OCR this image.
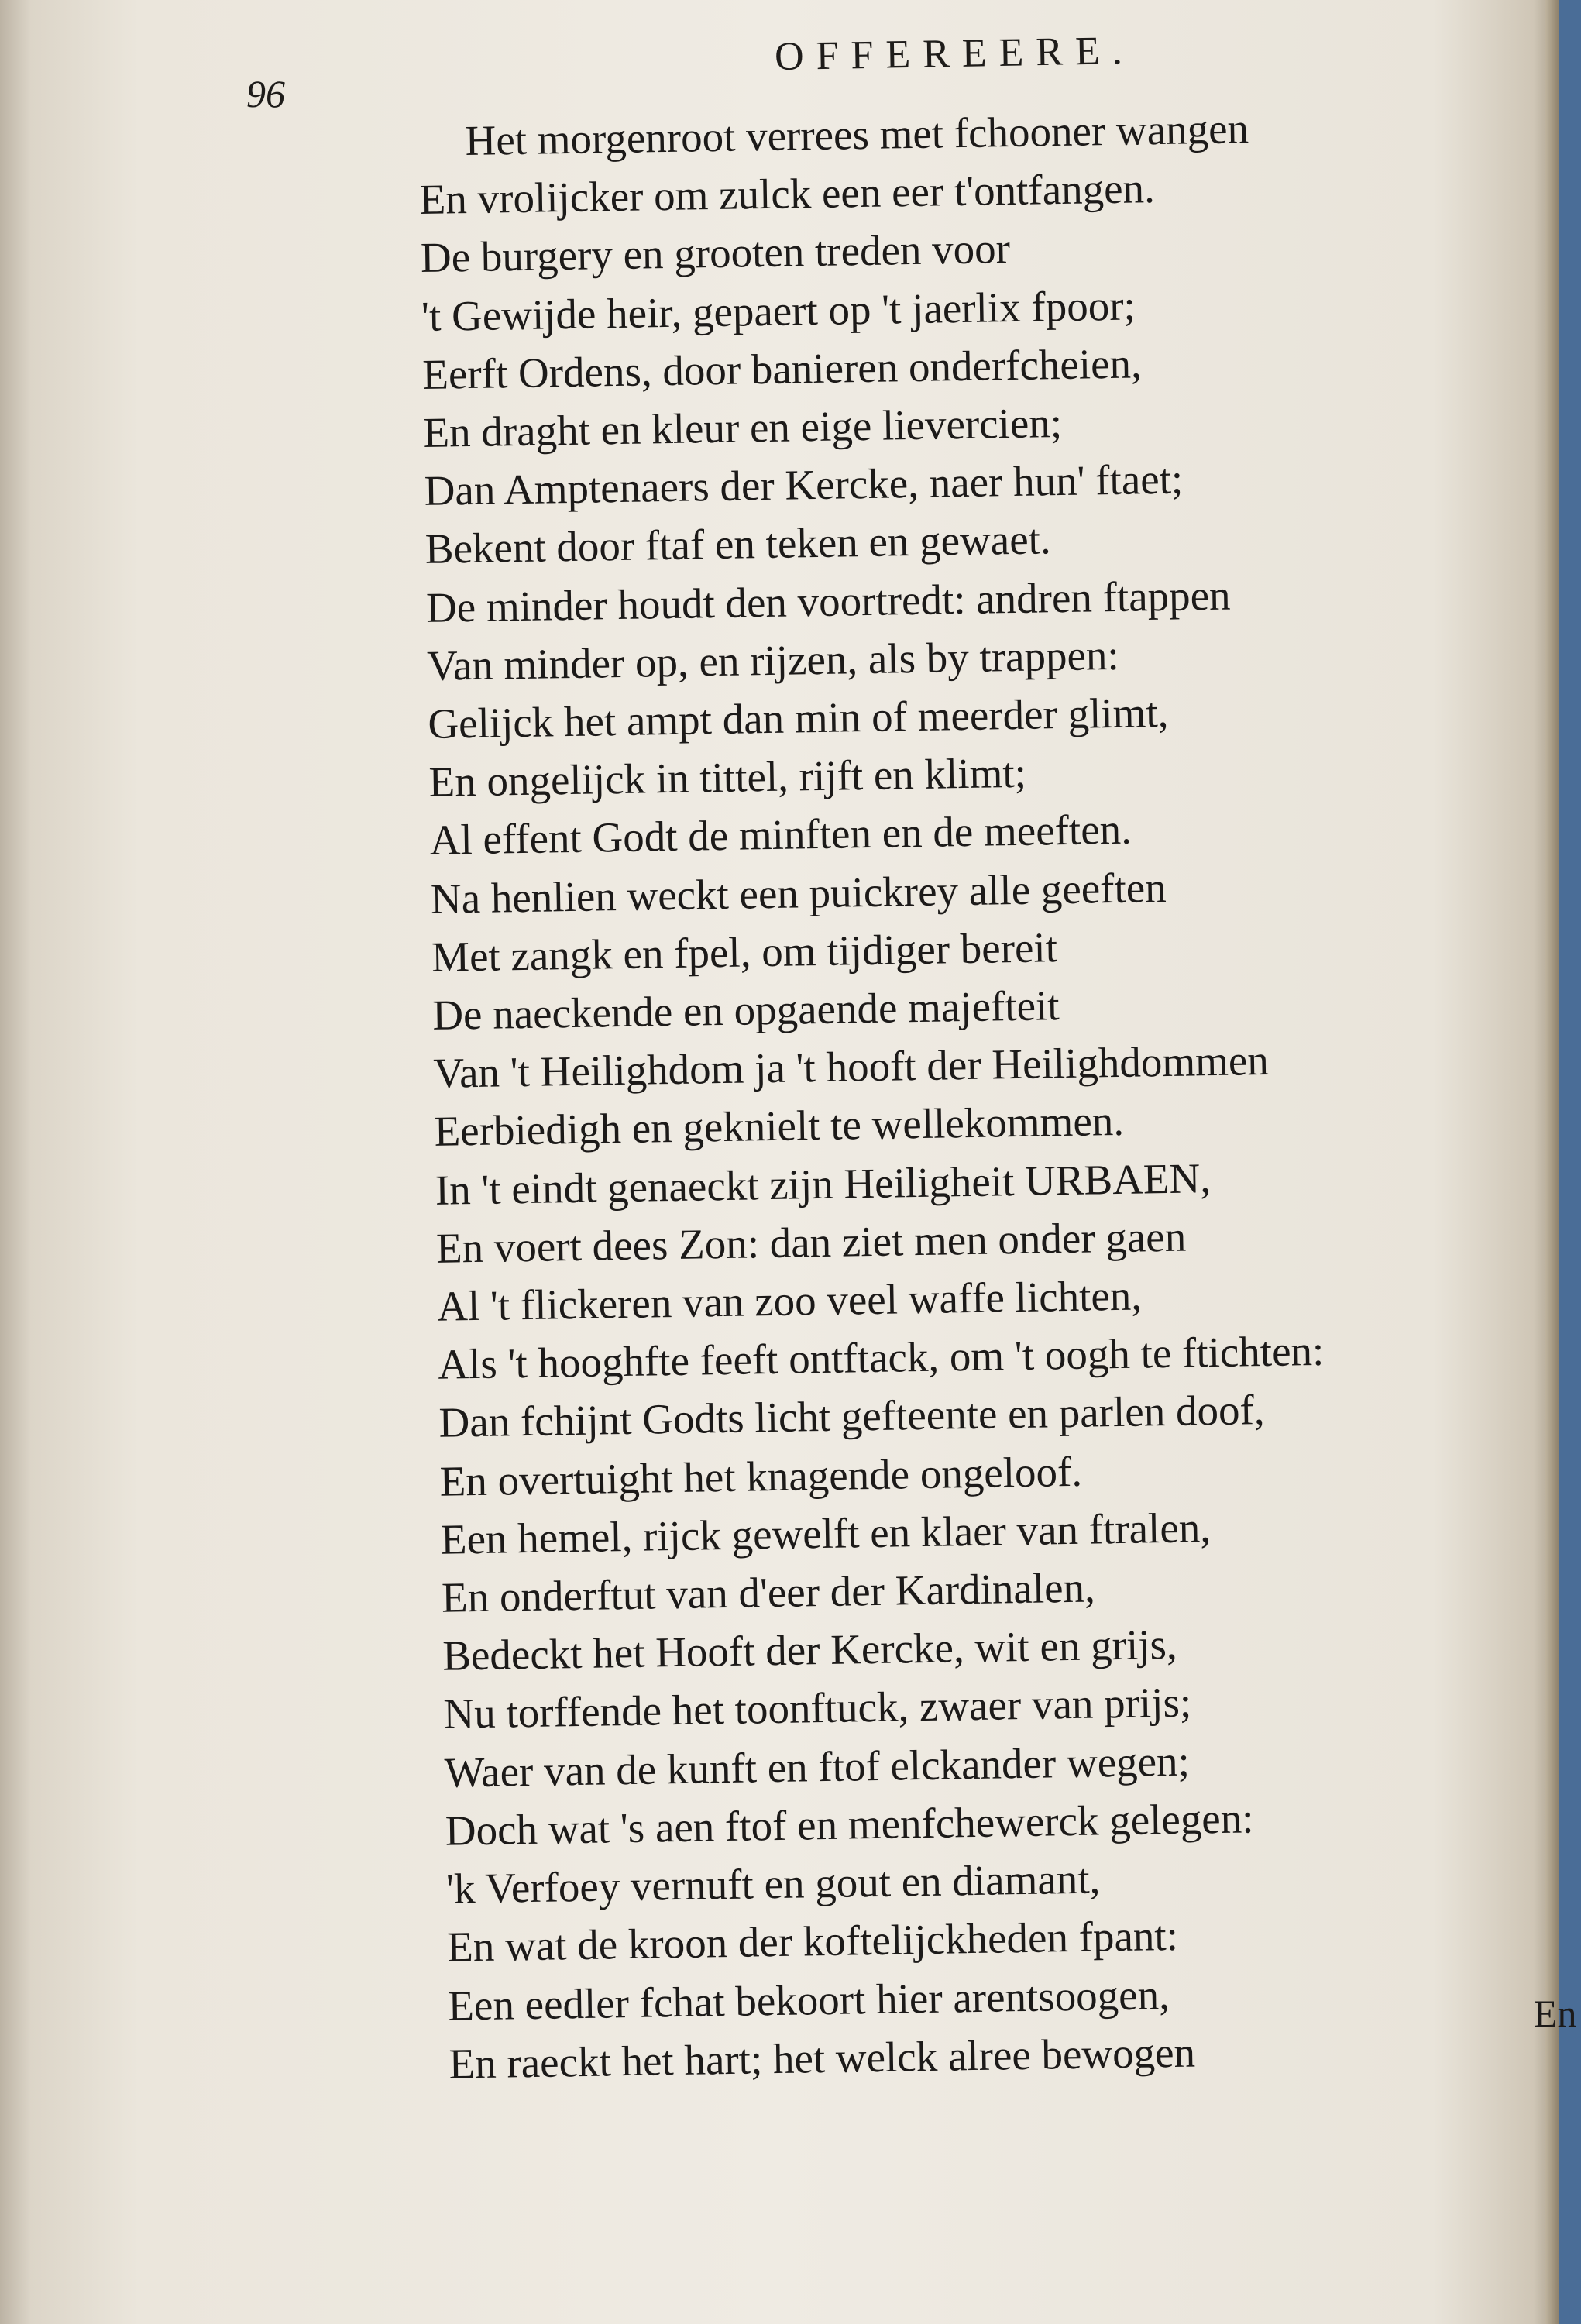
OFFEREERE.
96
Het morgenroot verrees met fchooner wangen
En vrolijcker om zulck een eer t'ontfangen.
De burgery en grooten treden voor
't Gewijde heir, gepaert op 't jaerlix fpoor;
Eerft Ordens, door banieren onderfcheien,
En draght en kleur en eige lievercien;
Dan Amptenaers der Kercke, naer hun' ftaet;
Bekent door ftaf en teken en gewaet.
De minder houdt den voortredt: andren ftappen
Van minder op, en rijzen, als by trappen:
Gelijck het ampt dan min of meerder glimt,
En ongelijck in tittel, rijft en klimt;
Al effent Godt de minften en de meeften.
Na henlien weckt een puickrey alle geeften
Met zangk en fpel, om tijdiger bereit
De naeckende en opgaende majefteit
Van 't Heilighdom ja 't hooft der Heilighdommen
Eerbiedigh en geknielt te wellekommen.
In 't eindt genaeckt zijn Heiligheit URBAEN,
En voert dees Zon: dan ziet men onder gaen
Al 't flickeren van zoo veel waffe lichten,
Als 't hooghfte feeft ontftack, om 't oogh te ftichten:
Dan fchijnt Godts licht gefteente en parlen doof,
En overtuight het knagende ongeloof.
Een hemel, rijck gewelft en klaer van ftralen,
En onderftut van d'eer der Kardinalen,
Bedeckt het Hooft der Kercke, wit en grijs,
Nu torffende het toonftuck, zwaer van prijs;
Waer van de kunft en ftof elckander wegen;
Doch wat 's aen ftof en menfchewerck gelegen:
'k Verfoey vernuft en gout en diamant,
En wat de kroon der koftelijckheden fpant:
Een eedler fchat bekoort hier arentsoogen,
En raeckt het hart; het welck alree bewogen
En
